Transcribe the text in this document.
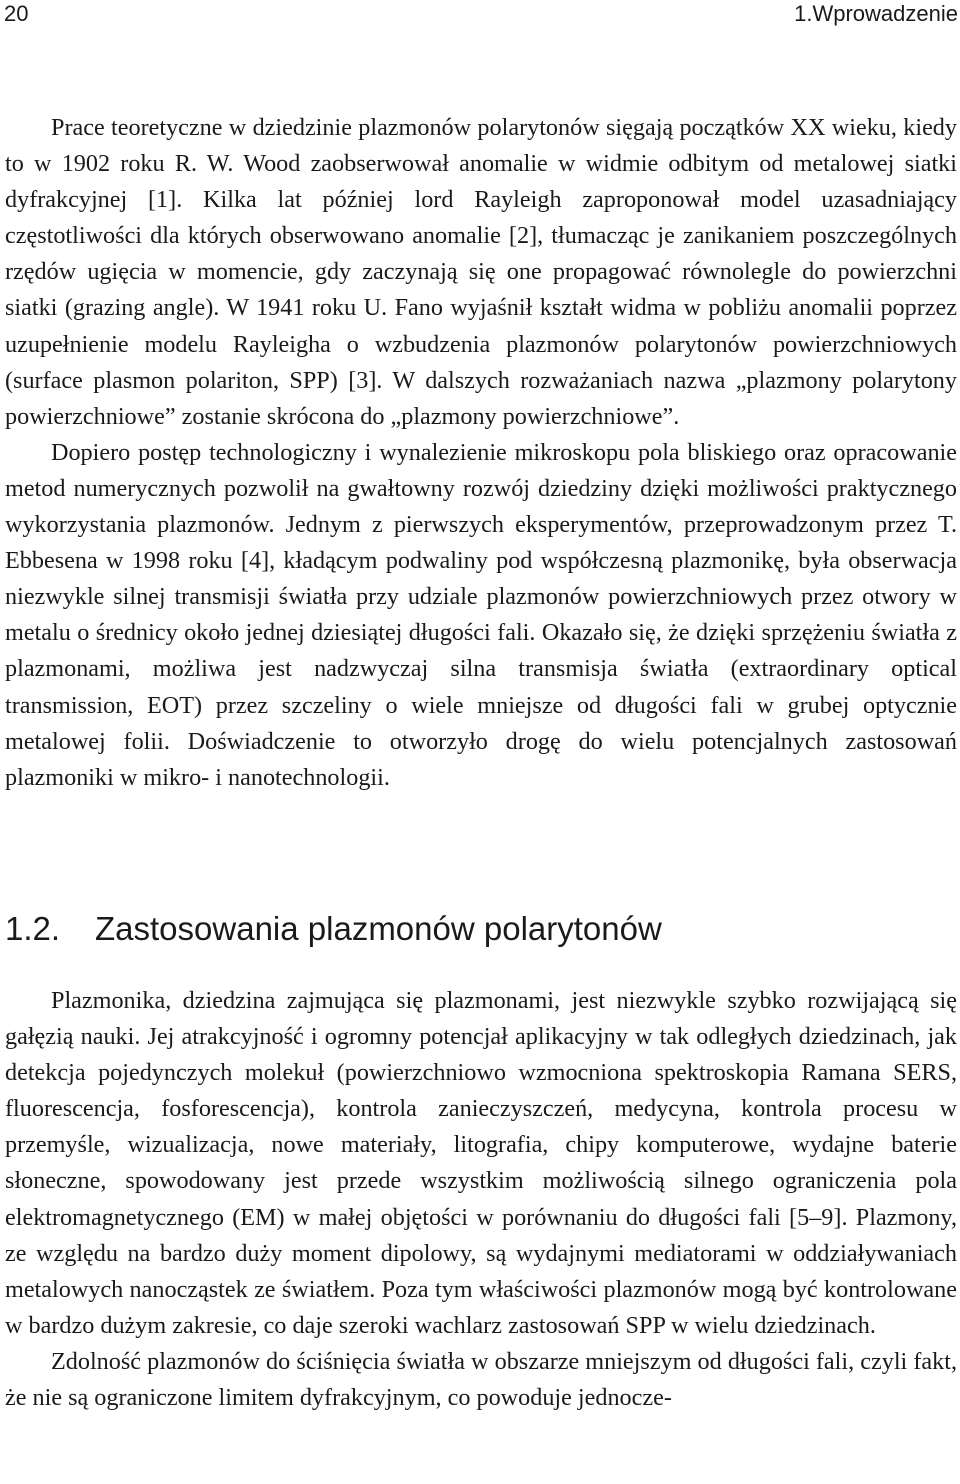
20	1.Wprowadzenie

Prace teoretyczne w dziedzinie plazmonów polarytonów sięgają początków XX wieku, kiedy to w 1902 roku R. W. Wood zaobserwował anomalie w widmie odbitym od metalowej siatki dyfrakcyjnej [1]. Kilka lat później lord Rayleigh zaproponował model uzasadniający częstotliwości dla których obserwowano anomalie [2], tłumacząc je zanikaniem poszczególnych rzędów ugięcia w momencie, gdy zaczynają się one propagować równolegle do powierzchni siatki (grazing angle). W 1941 roku U. Fano wyjaśnił kształt widma w pobliżu anomalii poprzez uzupełnienie modelu Rayleigha o wzbudzenia plazmonów polarytonów powierzchniowych (surface plasmon polariton, SPP) [3]. W dalszych rozważaniach nazwa „plazmony polarytony powierzchniowe” zostanie skrócona do „plazmony powierzchniowe”.

Dopiero postęp technologiczny i wynalezienie mikroskopu pola bliskiego oraz opracowanie metod numerycznych pozwolił na gwałtowny rozwój dziedziny dzięki możliwości praktycznego wykorzystania plazmonów. Jednym z pierwszych eksperymentów, przeprowadzonym przez T. Ebbesena w 1998 roku [4], kładącym podwaliny pod współczesną plazmonikę, była obserwacja niezwykle silnej transmisji światła przy udziale plazmonów powierzchniowych przez otwory w metalu o średnicy około jednej dziesiątej długości fali. Okazało się, że dzięki sprzężeniu światła z plazmonami, możliwa jest nadzwyczaj silna transmisja światła (extraordinary optical transmission, EOT) przez szczeliny o wiele mniejsze od długości fali w grubej optycznie metalowej folii. Doświadczenie to otworzyło drogę do wielu potencjalnych zastosowań plazmoniki w mikro- i nanotechnologii.

1.2. Zastosowania plazmonów polarytonów

Plazmonika, dziedzina zajmująca się plazmonami, jest niezwykle szybko rozwijającą się gałęzią nauki. Jej atrakcyjność i ogromny potencjał aplikacyjny w tak odległych dziedzinach, jak detekcja pojedynczych molekuł (powierzchniowo wzmocniona spektroskopia Ramana SERS, fluorescencja, fosforescencja), kontrola zanieczyszczeń, medycyna, kontrola procesu w przemyśle, wizualizacja, nowe materiały, litografia, chipy komputerowe, wydajne baterie słoneczne, spowodowany jest przede wszystkim możliwością silnego ograniczenia pola elektromagnetycznego (EM) w małej objętości w porównaniu do długości fali [5–9]. Plazmony, ze względu na bardzo duży moment dipolowy, są wydajnymi mediatorami w oddziaływaniach metalowych nanocząstek ze światłem. Poza tym właściwości plazmonów mogą być kontrolowane w bardzo dużym zakresie, co daje szeroki wachlarz zastosowań SPP w wielu dziedzinach.

Zdolność plazmonów do ściśnięcia światła w obszarze mniejszym od długości fali, czyli fakt, że nie są ograniczone limitem dyfrakcyjnym, co powoduje jednocze-
